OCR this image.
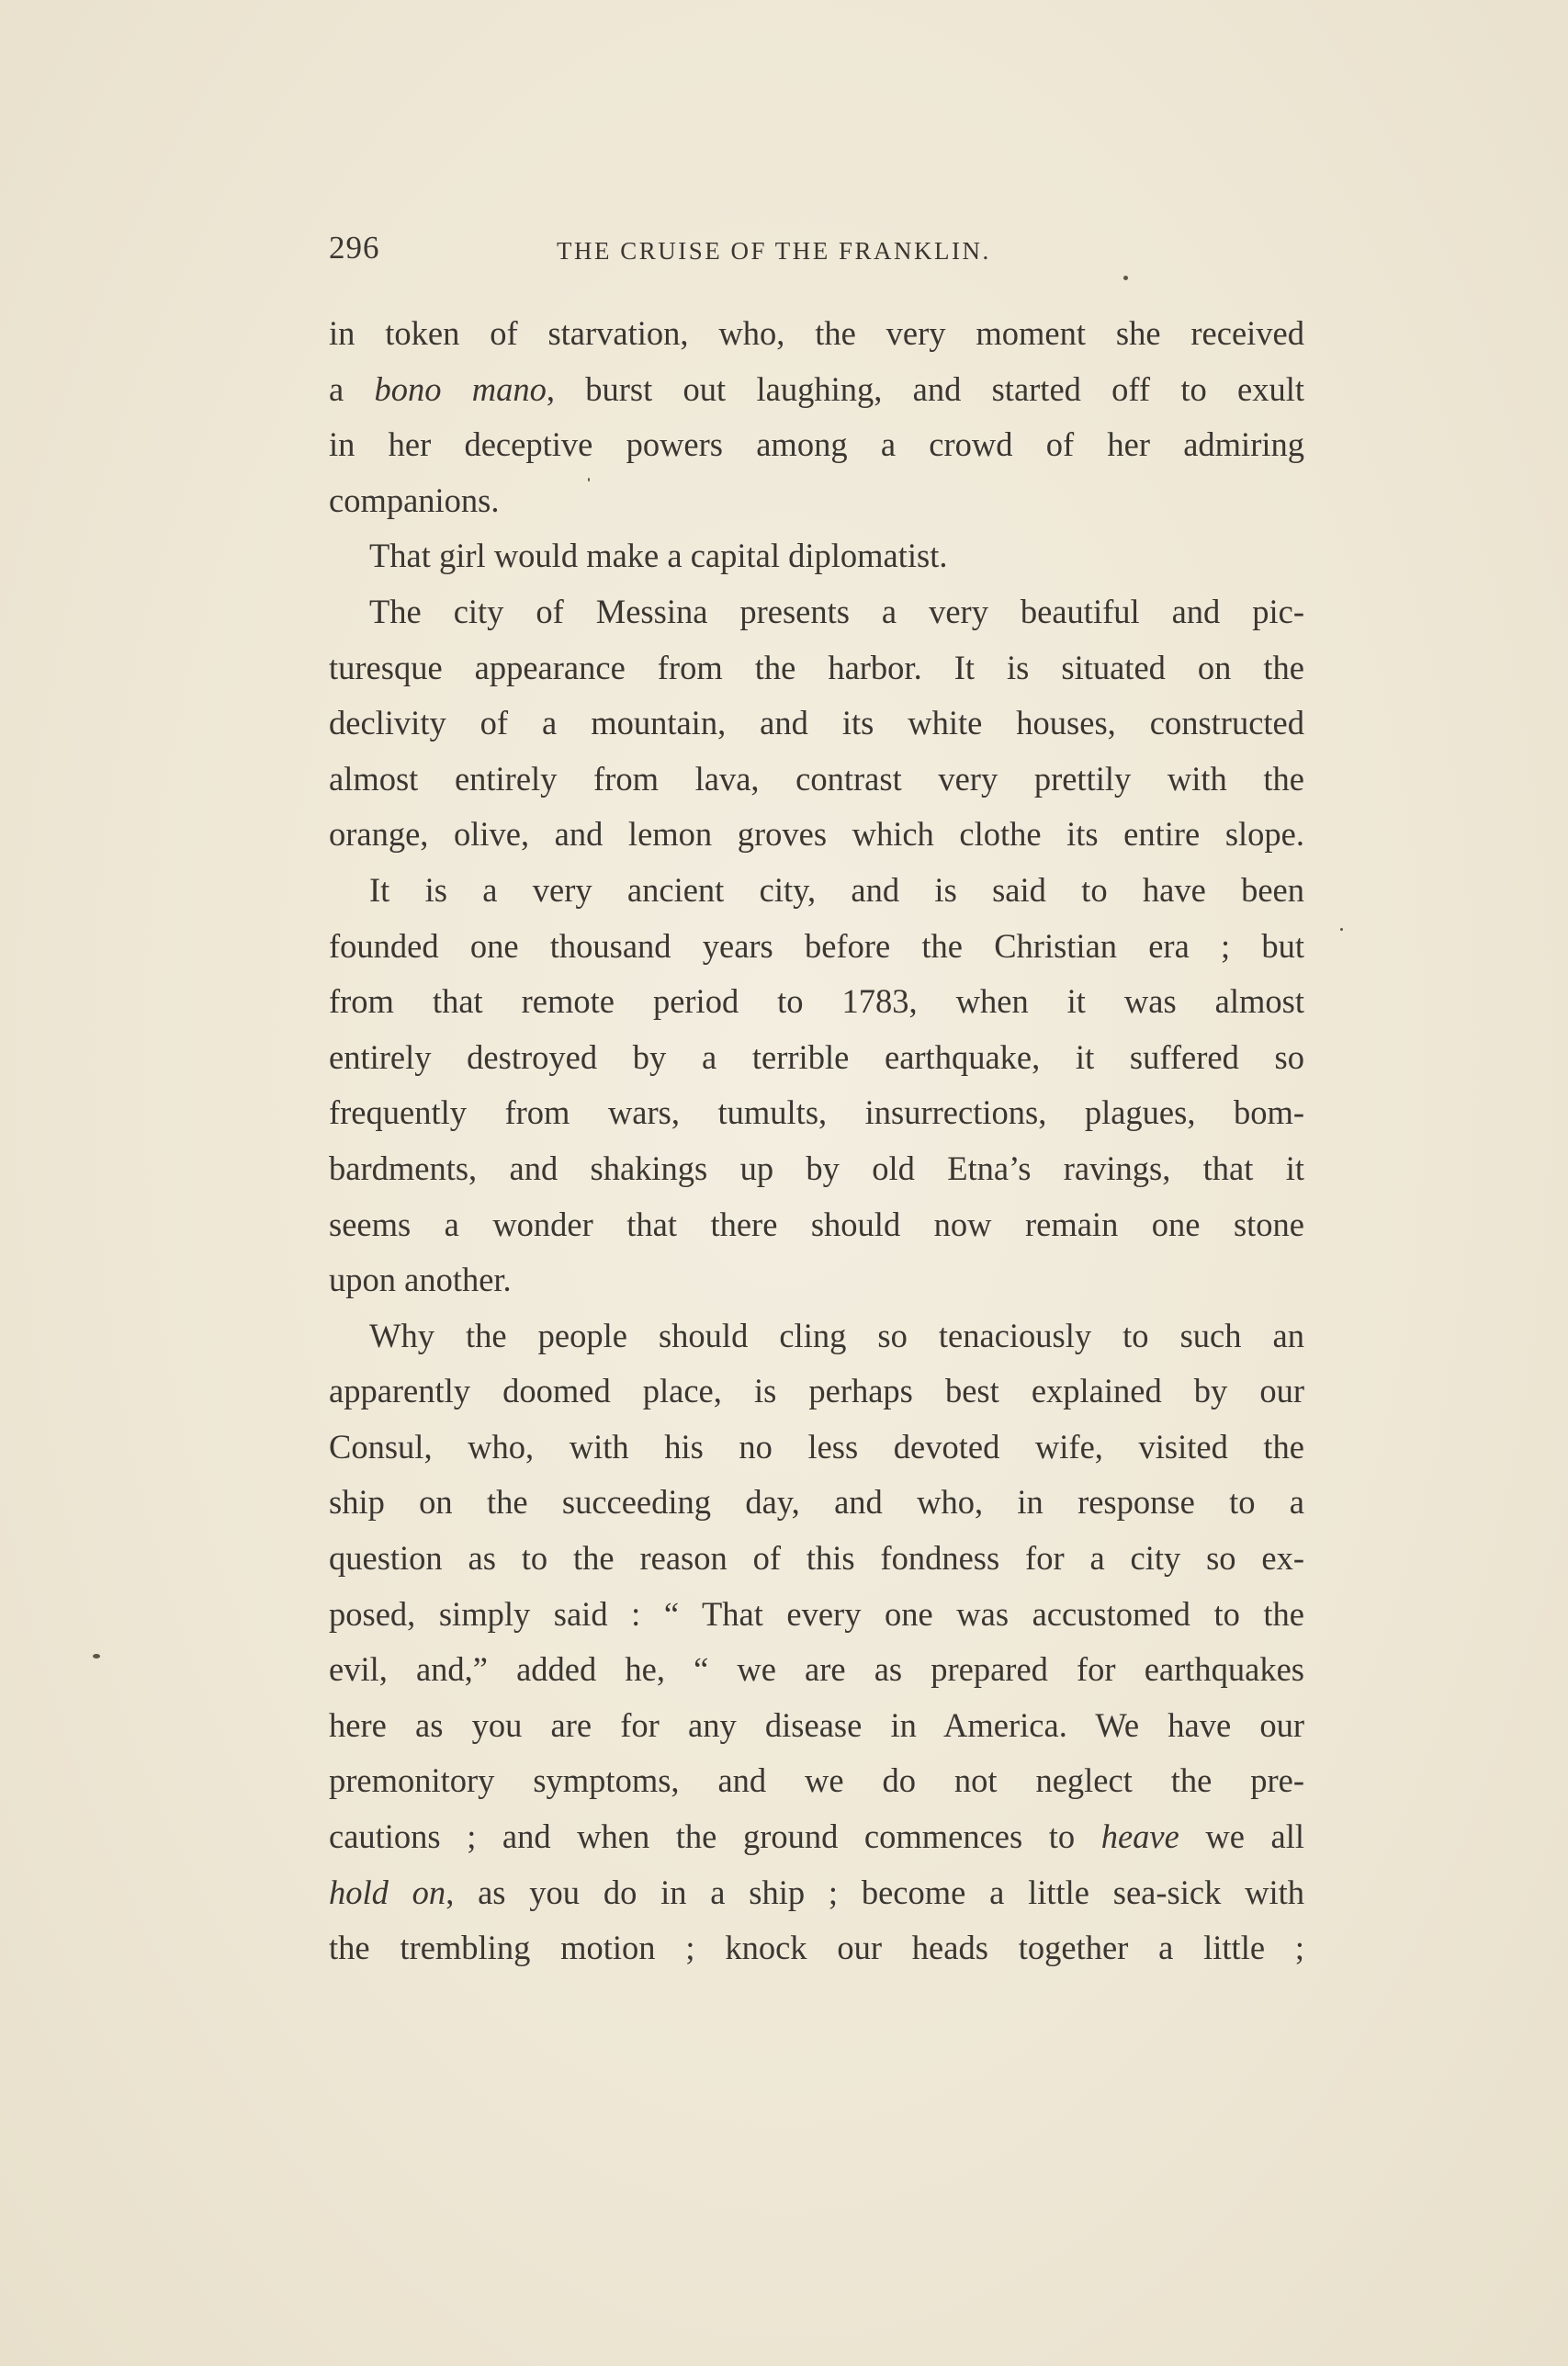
296	THE CRUISE OF THE FRANKLIN.
in token of starvation, who, the very moment she received
a bono mano, burst out laughing, and started off to exult
in her deceptive powers among a crowd of her admiring
companions.
That girl would make a capital diplomatist.
The city of Messina presents a very beautiful and pic-
turesque appearance from the harbor. It is situated on the
declivity of a mountain, and its white houses, constructed
almost entirely from lava, contrast very prettily with the
orange, olive, and lemon groves which clothe its entire slope.
It is a very ancient city, and is said to have been
founded one thousand years before the Christian era ; but
from that remote period to 1783, when it was almost
entirely destroyed by a terrible earthquake, it suffered so
frequently from wars, tumults, insurrections, plagues, bom-
bardments, and shakings up by old Etna’s ravings, that it
seems a wonder that there should now remain one stone
upon another.
Why the people should cling so tenaciously to such an
apparently doomed place, is perhaps best explained by our
Consul, who, with his no less devoted wife, visited the
ship on the succeeding day, and who, in response to a
question as to the reason of this fondness for a city so ex-
posed, simply said : “ That every one was accustomed to the
evil, and,” added he, “ we are as prepared for earthquakes
here as you are for any disease in America. We have our
premonitory symptoms, and we do not neglect the pre-
cautions ; and when the ground commences to heave we all
hold on, as you do in a ship ; become a little sea-sick with
the trembling motion ; knock our heads together a little ;
